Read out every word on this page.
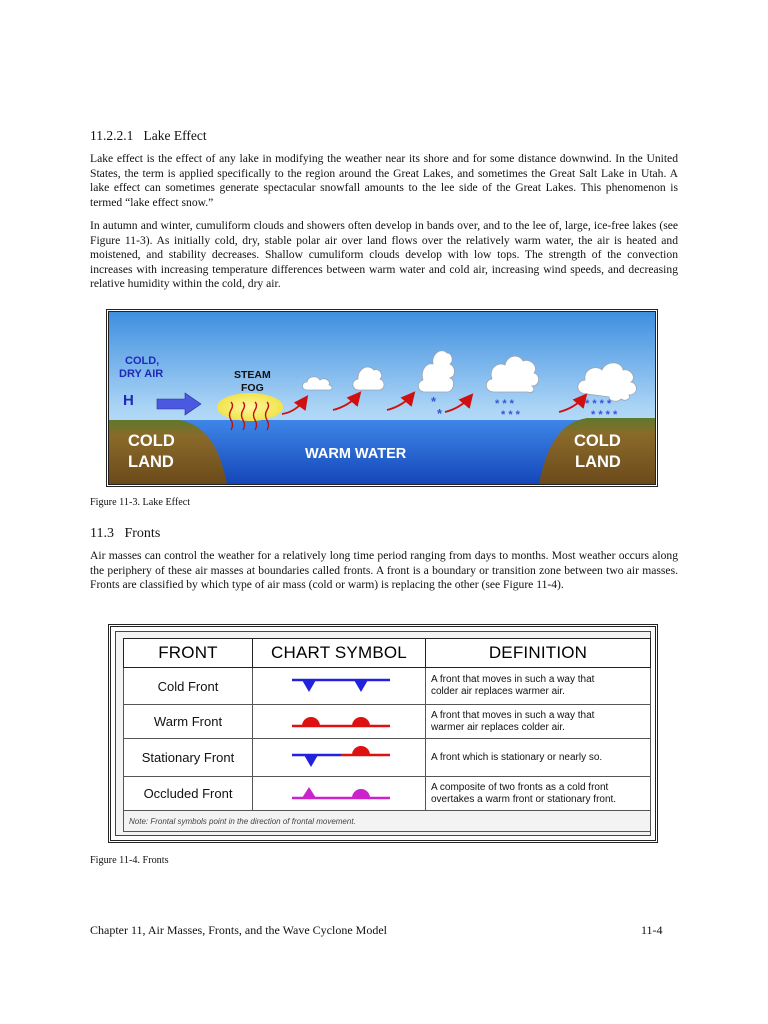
11.2.2.1   Lake Effect
Lake effect is the effect of any lake in modifying the weather near its shore and for some distance downwind. In the United States, the term is applied specifically to the region around the Great Lakes, and sometimes the Great Salt Lake in Utah. A lake effect can sometimes generate spectacular snowfall amounts to the lee side of the Great Lakes. This phenomenon is termed “lake effect snow.”
In autumn and winter, cumuliform clouds and showers often develop in bands over, and to the lee of, large, ice-free lakes (see Figure 11-3). As initially cold, dry, stable polar air over land flows over the relatively warm water, the air is heated and moistened, and stability decreases. Shallow cumuliform clouds develop with low tops. The strength of the convection increases with increasing temperature differences between warm water and cold air, increasing wind speeds, and decreasing relative humidity within the cold, dry air.
*
*
* * *
* * *
* * * *
* * * *
COLD,
DRY AIR
H
STEAM
FOG
COLD
LAND	WARM WATER
COLD
LAND
Figure 11-3. Lake Effect
11.3   Fronts
Air masses can control the weather for a relatively long time period ranging from days to months. Most weather occurs along the periphery of these air masses at boundaries called fronts. A front is a boundary or transition zone between two air masses. Fronts are classified by which type of air mass (cold or warm) is replacing the other (see Figure 11-4).
FRONT	CHART SYMBOL	DEFINITION
Cold Front		A front that moves in such a way that
colder air replaces warmer air.

Warm Front		A front that moves in such a way that
warmer air replaces colder air.

Stationary Front		A front which is stationary or nearly so.

Occluded Front		A composite of two fronts as a cold front
overtakes a warm front or stationary front.

Note: Frontal symbols point in the direction of frontal movement.		
Figure 11-4. Fronts
Chapter 11, Air Masses, Fronts, and the Wave Cyclone Model	11-4
